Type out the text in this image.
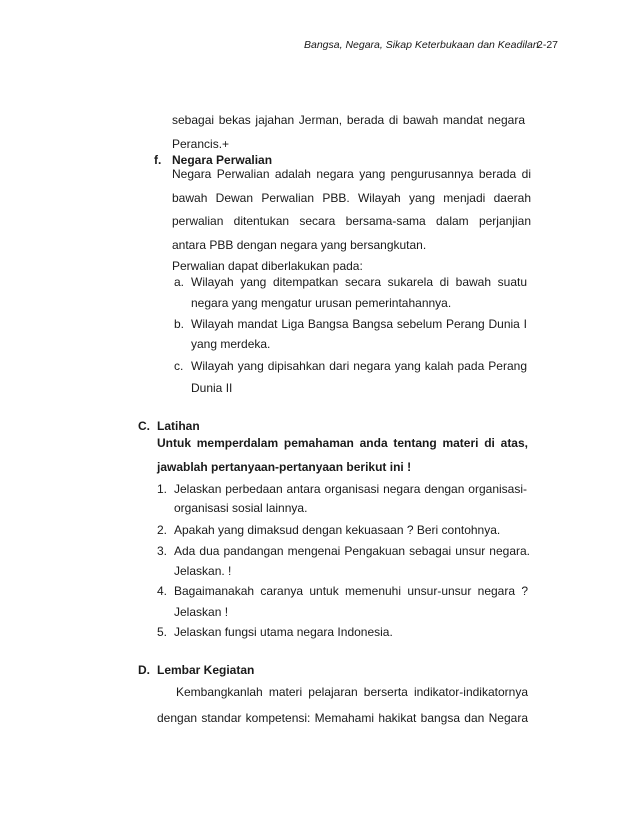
Bangsa, Negara, Sikap Keterbukaan dan Keadilan
2-27
sebagai bekas jajahan Jerman, berada di bawah mandat negara
Perancis.+
f. Negara Perwalian
Negara Perwalian adalah negara yang pengurusannya berada di
bawah Dewan Perwalian PBB. Wilayah yang menjadi daerah
perwalian ditentukan secara bersama-sama dalam perjanjian
antara PBB dengan negara yang bersangkutan.
Perwalian dapat diberlakukan pada:
a. Wilayah yang ditempatkan secara sukarela di bawah suatu
negara yang mengatur urusan pemerintahannya.
b. Wilayah mandat Liga Bangsa Bangsa sebelum Perang Dunia I
yang merdeka.
c. Wilayah yang dipisahkan dari negara yang kalah pada Perang
Dunia II
C. Latihan
Untuk memperdalam pemahaman anda tentang materi di atas,
jawablah pertanyaan-pertanyaan berikut ini !
1. Jelaskan perbedaan antara organisasi negara dengan organisasi-
organisasi sosial lainnya.
2. Apakah yang dimaksud dengan kekuasaan ? Beri contohnya.
3. Ada dua pandangan mengenai Pengakuan sebagai unsur negara.
Jelaskan. !
4. Bagaimanakah caranya untuk memenuhi unsur-unsur negara ?
Jelaskan !
5. Jelaskan fungsi utama negara Indonesia.
D. Lembar Kegiatan
Kembangkanlah materi pelajaran berserta indikator-indikatornya
dengan standar kompetensi: Memahami hakikat bangsa dan Negara
